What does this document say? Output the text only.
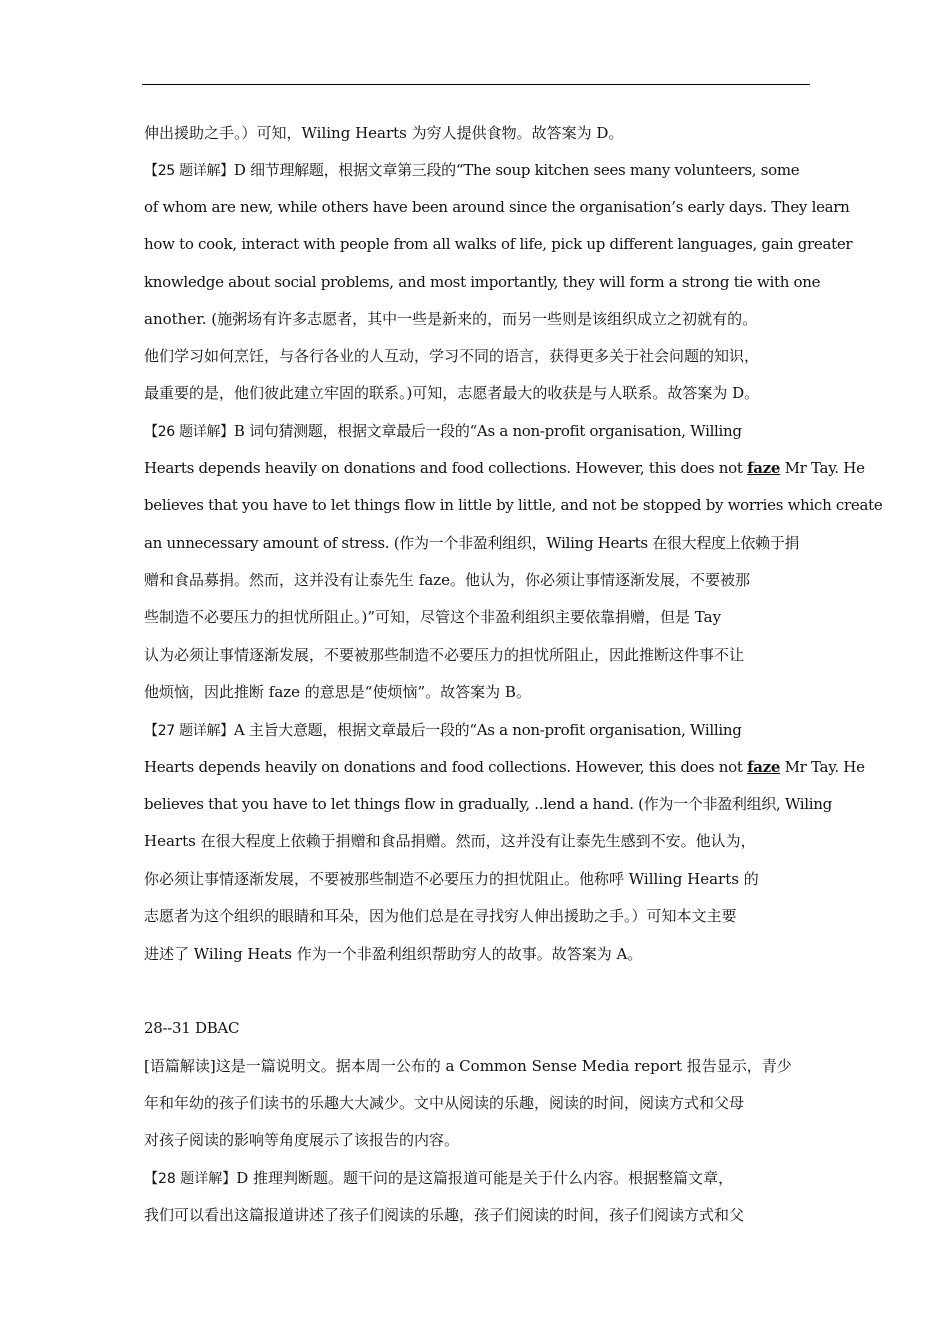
伸出援助之手。）可知，Wiling Hearts 为穷人提供食物。故答案为 D。
【25 题详解】D 细节理解题，根据文章第三段的“The soup kitchen sees many volunteers, some
of whom are new, while others have been around since the organisation’s early days. They learn
how to cook, interact with people from all walks of life, pick up different languages, gain greater
knowledge about social problems, and most importantly, they will form a strong tie with one
another. (施粥场有许多志愿者，其中一些是新来的，而另一些则是该组织成立之初就有的。
他们学习如何烹饪，与各行各业的人互动，学习不同的语言，获得更多关于社会问题的知识，
最重要的是，他们彼此建立牢固的联系。)可知，志愿者最大的收获是与人联系。故答案为 D。
【26 题详解】B 词句猜测题，根据文章最后一段的“As a non-profit organisation, Willing
Hearts depends heavily on donations and food collections. However, this does not faze Mr Tay. He
believes that you have to let things flow in little by little, and not be stopped by worries which create
an unnecessary amount of stress. (作为一个非盈利组织，Wiling Hearts 在很大程度上依赖于捐
赠和食品募捐。然而，这并没有让泰先生 faze。他认为，你必须让事情逐渐发展，不要被那
些制造不必要压力的担忧所阻止。)”可知，尽管这个非盈利组织主要依靠捐赠，但是 Tay
认为必须让事情逐渐发展，不要被那些制造不必要压力的担忧所阻止，因此推断这件事不让
他烦恼，因此推断 faze 的意思是“使烦恼”。故答案为 B。
【27 题详解】A 主旨大意题，根据文章最后一段的“As a non-profit organisation, Willing
Hearts depends heavily on donations and food collections. However, this does not faze Mr Tay. He
believes that you have to let things flow in gradually, ..lend a hand. (作为一个非盈利组织, Wiling
Hearts 在很大程度上依赖于捐赠和食品捐赠。然而，这并没有让泰先生感到不安。他认为，
你必须让事情逐渐发展，不要被那些制造不必要压力的担忧阻止。他称呼 Willing Hearts 的
志愿者为这个组织的眼睛和耳朵，因为他们总是在寻找穷人伸出援助之手。）可知本文主要
进述了 Wiling Heats 作为一个非盈利组织帮助穷人的故事。故答案为 A。
28--31 DBAC
[语篇解读]这是一篇说明文。据本周一公布的 a Common Sense Media report 报告显示，青少
年和年幼的孩子们读书的乐趣大大减少。文中从阅读的乐趣，阅读的时间，阅读方式和父母
对孩子阅读的影响等角度展示了该报告的内容。
【28 题详解】D 推理判断题。题干问的是这篇报道可能是关于什么内容。根据整篇文章，
我们可以看出这篇报道讲述了孩子们阅读的乐趣，孩子们阅读的时间，孩子们阅读方式和父
